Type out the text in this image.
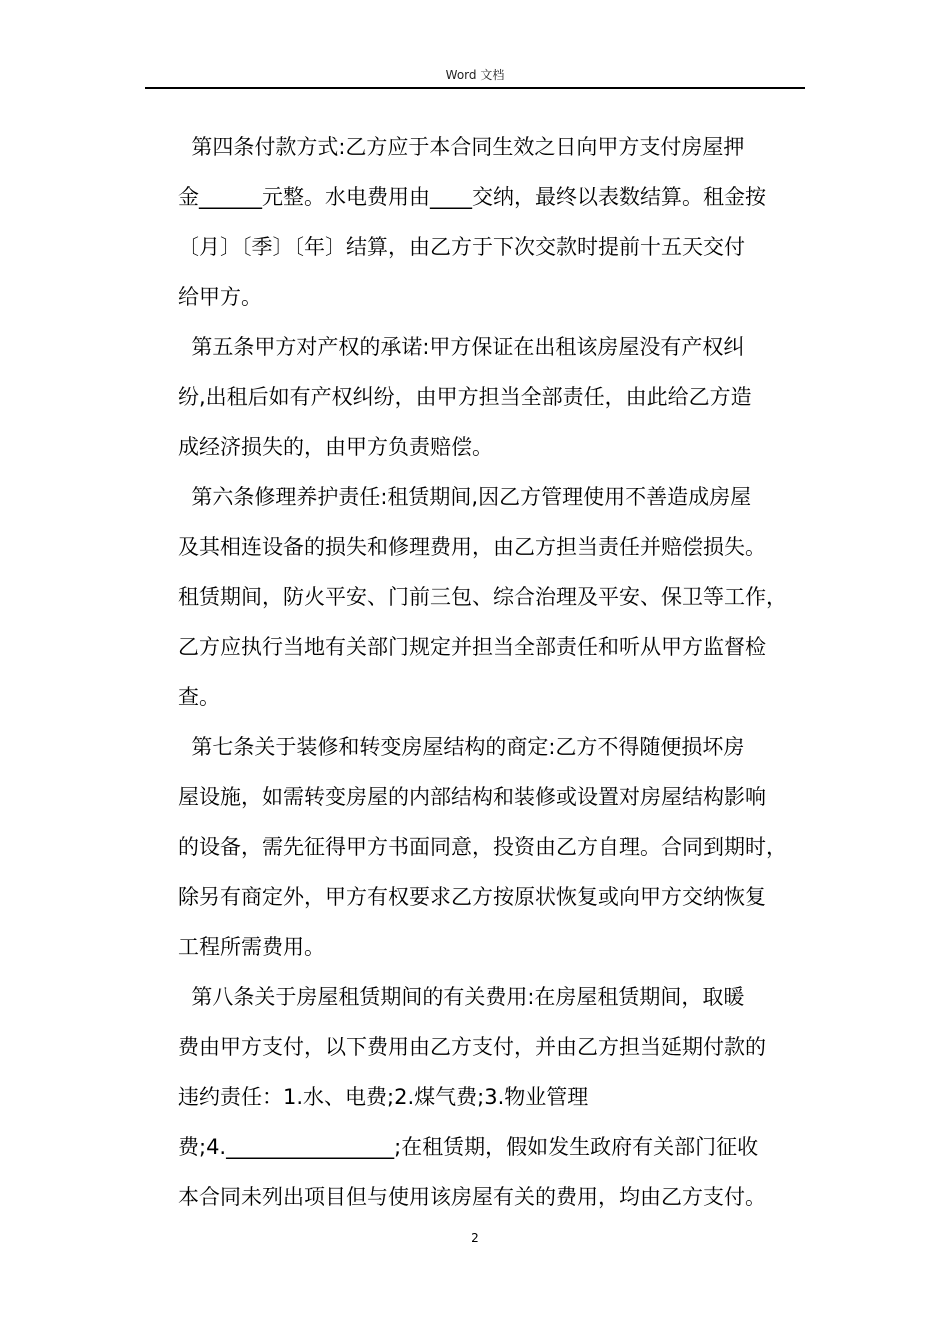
Word 文档
第四条付款方式:乙方应于本合同生效之日向甲方支付房屋押
金______元整。水电费用由____交纳，最终以表数结算。租金按
〔月〕〔季〕〔年〕结算，由乙方于下次交款时提前十五天交付
给甲方。
第五条甲方对产权的承诺:甲方保证在出租该房屋没有产权纠
纷,出租后如有产权纠纷，由甲方担当全部责任，由此给乙方造
成经济损失的，由甲方负责赔偿。
第六条修理养护责任:租赁期间,因乙方管理使用不善造成房屋
及其相连设备的损失和修理费用，由乙方担当责任并赔偿损失。
租赁期间，防火平安、门前三包、综合治理及平安、保卫等工作，
乙方应执行当地有关部门规定并担当全部责任和听从甲方监督检
查。
第七条关于装修和转变房屋结构的商定:乙方不得随便损坏房
屋设施，如需转变房屋的内部结构和装修或设置对房屋结构影响
的设备，需先征得甲方书面同意，投资由乙方自理。合同到期时，
除另有商定外，甲方有权要求乙方按原状恢复或向甲方交纳恢复
工程所需费用。
第八条关于房屋租赁期间的有关费用:在房屋租赁期间，取暖
费由甲方支付，以下费用由乙方支付，并由乙方担当延期付款的
违约责任：1.水、电费;2.煤气费;3.物业管理
费;4.________________;在租赁期，假如发生政府有关部门征收
本合同未列出项目但与使用该房屋有关的费用，均由乙方支付。
2
